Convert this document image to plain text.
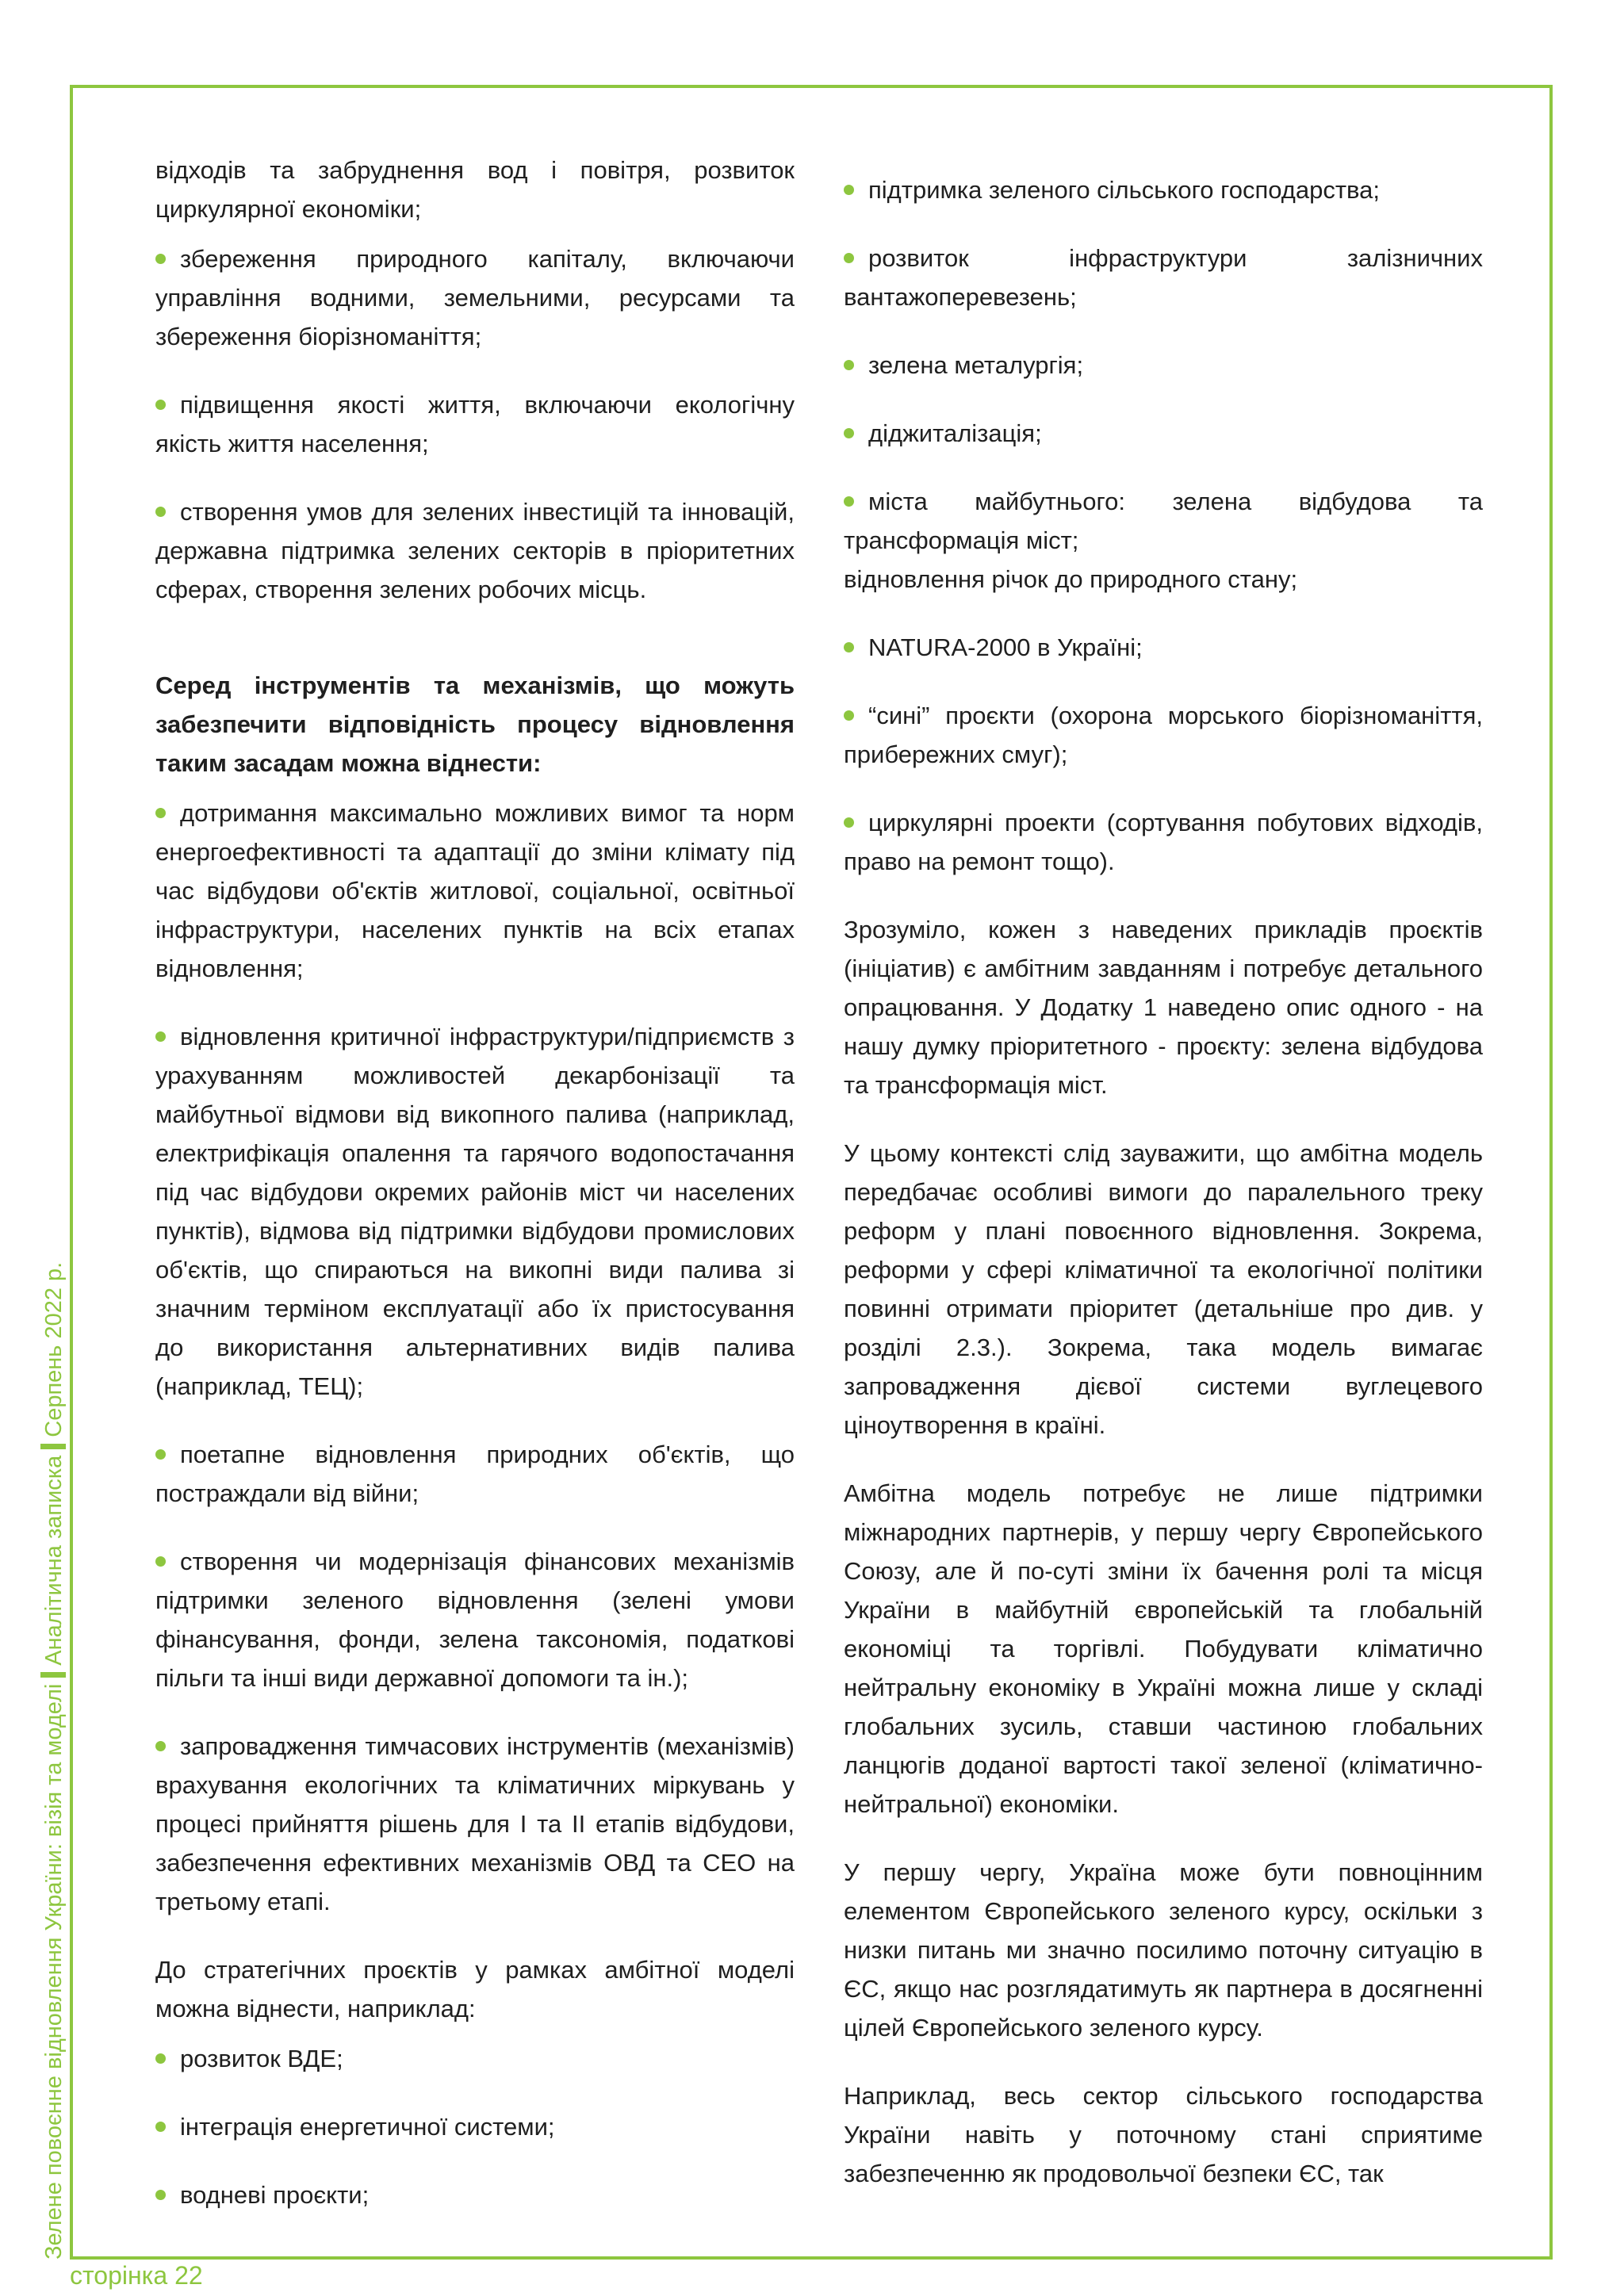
Зелене повоєнне відновлення України: візія та моделіАналітична запискаСерпень 2022 р.
сторінка 22

відходів та забруднення вод і повітря, розвиток циркулярної економіки;

збереження природного капіталу, включаючи управління водними, земельними, ресурсами та збереження біорізноманіття;

підвищення якості життя, включаючи екологічну якість життя населення;

створення умов для зелених інвестицій та інновацій, державна підтримка зелених секторів в пріоритетних сферах, створення зелених робочих місць.

Серед інструментів та механізмів, що можуть забезпечити відповідність процесу відновлення таким засадам можна віднести:

дотримання максимально можливих вимог та норм енергоефективності та адаптації до зміни клімату під час відбудови об'єктів житлової, соціальної, освітньої інфраструктури, населених пунктів на всіх етапах відновлення;

відновлення критичної інфраструктури/підприємств з урахуванням можливостей декарбонізації та майбутньої відмови від викопного палива (наприклад, електрифікація опалення та гарячого водопостачання під час відбудови окремих районів міст чи населених пунктів), відмова від підтримки відбудови промислових об'єктів, що спираються на викопні види палива зі значним терміном експлуатації або їх пристосування до використання альтернативних видів палива (наприклад, ТЕЦ);

поетапне відновлення природних об'єктів, що постраждали від війни;

створення чи модернізація фінансових механізмів підтримки зеленого відновлення (зелені умови фінансування, фонди, зелена таксономія, податкові пільги та інші види державної допомоги та ін.);

запровадження тимчасових інструментів (механізмів) врахування екологічних та кліматичних міркувань у процесі прийняття рішень для I та II етапів відбудови, забезпечення ефективних механізмів ОВД та СЕО на третьому етапі.

До стратегічних проєктів у рамках амбітної моделі можна віднести, наприклад:

розвиток ВДЕ;

інтеграція енергетичної системи;

водневі проєкти;

підтримка зеленого сільського господарства;

розвиток інфраструктури залізничних вантажоперевезень;

зелена металургія;

діджиталізація;

міста майбутнього: зелена відбудова та трансформація міст;

відновлення річок до природного стану;

NATURA-2000 в Україні;

“сині” проєкти (охорона морського біорізноманіття, прибережних смуг);

циркулярні проекти (сортування побутових відходів, право на ремонт тощо).

Зрозуміло, кожен з наведених прикладів проєктів (ініціатив) є амбітним завданням і потребує детального опрацювання. У Додатку 1 наведено опис одного - на нашу думку пріоритетного - проєкту: зелена відбудова та трансформація міст.

У цьому контексті слід зауважити, що амбітна модель передбачає особливі вимоги до паралельного треку реформ у плані повоєнного відновлення. Зокрема, реформи у сфері кліматичної та екологічної політики повинні отримати пріоритет (детальніше про див. у розділі 2.3.). Зокрема, така модель вимагає запровадження дієвої системи вуглецевого ціноутворення в країні.

Амбітна модель потребує не лише підтримки міжнародних партнерів, у першу чергу Європейського Союзу, але й по-суті зміни їх бачення ролі та місця України в майбутній європейській та глобальній економіці та торгівлі. Побудувати кліматично нейтральну економіку в Україні можна лише у складі глобальних зусиль, ставши частиною глобальних ланцюгів доданої вартості такої зеленої (кліматично-нейтральної) економіки.

У першу чергу, Україна може бути повноцінним елементом Європейського зеленого курсу, оскільки з низки питань ми значно посилимо поточну ситуацію в ЄС, якщо нас розглядатимуть як партнера в досягненні цілей Європейського зеленого курсу.

Наприклад, весь сектор сільського господарства України навіть у поточному стані сприятиме забезпеченню як продовольчої безпеки ЄС, так
